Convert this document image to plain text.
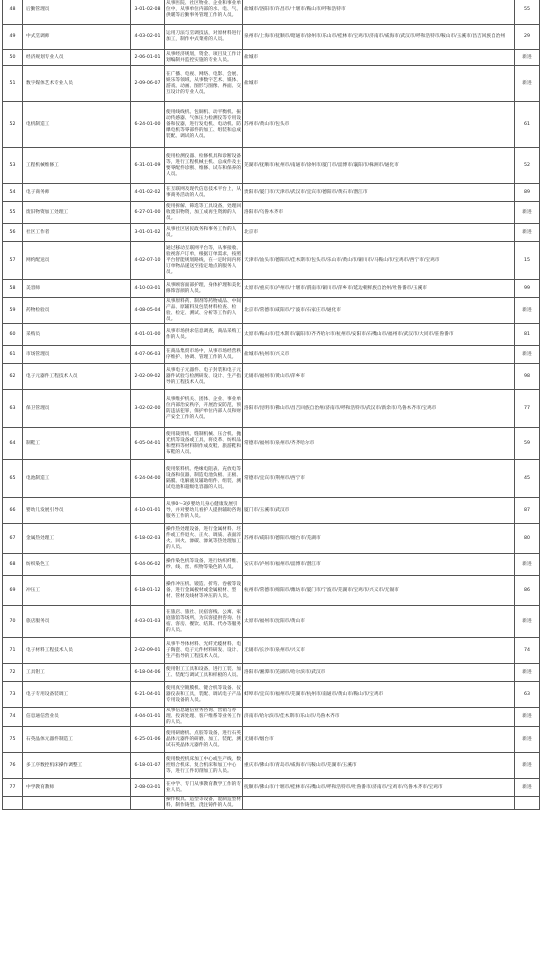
48	后勤管理员	3-01-02-08	从事医院、社区物业、企业和事业单位中，从事单位内部的水、电、气、供暖等后勤事务管理工作的人员。	盐城市/洛阳市/许昌市/十堰市/鞍山市/呼和浩特市	55
49	中式烹调师	4-03-02-01	运用刀法与烹调技法，对原材料进行加工，制作中式菜肴的人员。	泉州市/上海市/抚顺市/昭通市/徐州市/乐山市/桂林市/宝鸡市/济南市/威海市/武汉市/呼和浩特市/鞍山市/玉溪市/昌吉回族自治州	29
50	经济规划专业人员	2-06-01-01	从事经济规划，资金、项目及工作计划编制并监控实施的专业人员。	盐城市	新进
51	数字媒体艺术专业人员	2-09-06-07	在广播、电视、网络、电影、会展、娱乐等领域，从事数字艺术、媒体、游戏、动画、图形与图像、界面、交互设计的专业人员。	盐城市	新进
52	电机制造工	6-24-01-00	使用线线机、包铜机、动平衡机、振动传感器、气体压力检测仪等专用设备和仪器，进行发电机、电动机、防爆电机等零部件的加工、组装和总成装配、调试的人员。	苏州市/黄山市/包头市	61
53	工程机械维修工	6-31-01-09	使用检测仪器、检修机具和诊断设备等，进行工程机械主机、总成件及主要零配件诊断、维修、试车和保养的人员。	芜湖市/抚顺市/杭州市/南通市/徐州市/厦门市/淄博市/襄阳市/株洲市/通化市	52
54	电子商务师	4-01-02-02	在互联网及现代信息技术平台上，从事商务活动的人员。	贵阳市/厦门市/天津市/武汉市/宜宾市/德阳市/黄石市/潜江市	89
55	废旧物资加工处理工	6-27-01-00	使用拆解、筛选等工具设备，处理回收废旧物资，加工成再生资源的人员。	洛阳市/乌鲁木齐市	新进
56	社区工作者	3-01-01-02	从事社区居民政务和事务工作的人员。	北京市	新进
57	网约配送员	4-02-07-10	通过移动互联网平台等，从事接收、验视客户订单，根据订单需求，按照平台智能规划路线，在一定时间内将订单物品递送至指定地点的服务人员。	天津市/汕头市/德阳市/佳木斯市/包头市/乐山市/黄山市/铜川市/马鞍山市/宝鸡市/西宁市/宝鸡市	15
58	美容师	4-10-03-01	从事顾客面部护理，身体护理和美化修饰容颜的人员。	太原市/重庆市/泸州市/十堰市/渭南市/铜川市/萍乡市/延边朝鲜族自治州/吐鲁番市/玉溪市	99
59	药物检验员	4-08-05-04	从事原料药、制剂等药物成品、中间产品、原辅料及包装材料检查、检验、检定、测试、分析等工作的人员。	北京市/常德市/咸阳市/宁波市/石家庄市/通化市	新进
60	采购员	4-01-01-00	从事市场供求信息调查，商品采购工作的人员。	太原市/鞍山市/佳木斯市/襄阳市/齐齐哈尔市/杭州市/安阳市/石嘴山市/福州市/武汉市/大同市/驻鲁番市	81
61	市场管理员	4-07-06-03	在商品集贸市场中，从事市场经营秩序维护、协调、管理工作的人员。	盐城市/杭州市/兴义市	新进
62	电子元器件工程技术人员	2-02-09-02	从事电子元器件、电子封装和电子元器件试验与检测研发、设计、生产指导的工程技术人员。	无锡市/福州市/黄山市/萍乡市	98
63	保卫管理员	3-02-02-00	从事维护机关、团体、企业、事业单位内部治安秩序，开展治安防范，预防违法犯罪，保护单位内部人员和财产安全工作的人员。	洛阳市/昆明市/佛山市/昌吉回族自治州/济南市/呼和浩特市/武汉市/新余市/乌鲁木齐市/宝鸡市	77
64	制鞋工	6-05-04-01	使用裁剪机、缝制机械、压合机、抛光机等设备或工具，将皮革、纺织品和塑料等材料制作成皮鞋、旅游鞋和布鞋的人员。	常德市/福州市/泉州市/齐齐哈尔市	59
65	电池制造工	6-24-04-00	使用浆料机、绝缘电阻表、充放电等设备和仪器，制造电池负极、正极、隔膜、电解液及辅助组件、组装、测试电池和超级电容器的人员。	常德市/宜宾市/荆州市/西宁市	45
66	婴幼儿发展引导员	4-10-01-01	从事0～3岁婴幼儿身心健康发展引导，并对婴幼儿看护人提供辅助咨询服务工作的人员。	厦门市/玉溪市/武汉市	87
67	金属热处理工	6-18-02-03	操作热处理设备，进行金属材料、坯件或工件退火、正火、调质、表面淬火、回火、渗碳、渗氮等热处理加工的人员。	苏州市/咸阳市/德阳市/烟台市/芜湖市	80
68	纺织染色工	6-04-06-02	操作染色机等设备，进行纺织纤维、纱、线、丝、织物等染色的人员。	安庆市/泸州市/福州市/淄博市/潜江市	新进
69	冲压工	6-18-01-12	操作冲压机、锻造、折弯、卷板等设备，进行金属板材或金属板材、型材、管材及线材等冲压的人员。	杭州市/常德市/绵阳市/潍坊市/厦门市/宁波市/芜湖市/宝鸡市/兴义市/无锡市	86
70	旅店服务员	4-03-01-03	在旅店、旅社、民宿客栈、公寓、家庭旅馆等场所，为宾客提供咨询、住宿、客房、餐饮、结算、代办等服务的人员。	太原市/福州市/沈阳市/黄山市	新进
71	电子材料工程技术人员	2-02-09-01	从事半导体材料、光纤光缆材料、电子陶瓷、电子元件材料研发、设计、生产指导的工程技术人员。	无锡市/长沙市/泉州市/兴义市	74
72	工具钳工	6-18-04-06	使用钳工工具和设备，进行工装、加工、装配与调试工具和样板的人员。	洛阳市/湘潭市/芜湖市/哈尔滨市/武汉市	新进
73	电子专用设备装调工	6-21-04-01	使用真空镀膜机、键合机等设备、仪器仪表和工具，装配、调试电子产品专用设备的人员。	蚌埠市/宜宾市/福州市/芜湖市/杭州市/南通市/黄山市/鞍山市/宝鸡市	63
74	信息通信营业员	4-04-01-01	从事信息通信业务咨询、营销与办理、投诉处理、客户维系等业务工作的人员。	济南市/哈尔滨市/佳木斯市/乐山市/乌鲁木齐市	新进
75	石英晶体元器件制造工	6-25-01-06	使用研磨机、点胶等设备，进行石英晶体元器件的研磨、加工、装配、测试石英晶体元器件的人员。	无锡市/烟台市	新进
76	多工序数控机床操作调整工	6-18-01-07	使用数控机床加工中心或生产线、数控组合机床、复合机床和加工中心等，进行工件切削加工的人员。	重庆市/佛山市/青岛市/威海市/马鞍山市/芜湖市/玉溪市	新进
77	中学教育教师	2-08-03-01	在中学、专门从事教育教学工作的专业人员。	抚顺市/佛山市/十堰市/桂林市/石嘴山市/呼和浩特市/吐鲁番市/济南市/宝鸡市/乌鲁木齐市/宝鸡市	新进
			操作模具、造型等设备，混制造型材料，制作铸型，浇注铸件的人员。		
